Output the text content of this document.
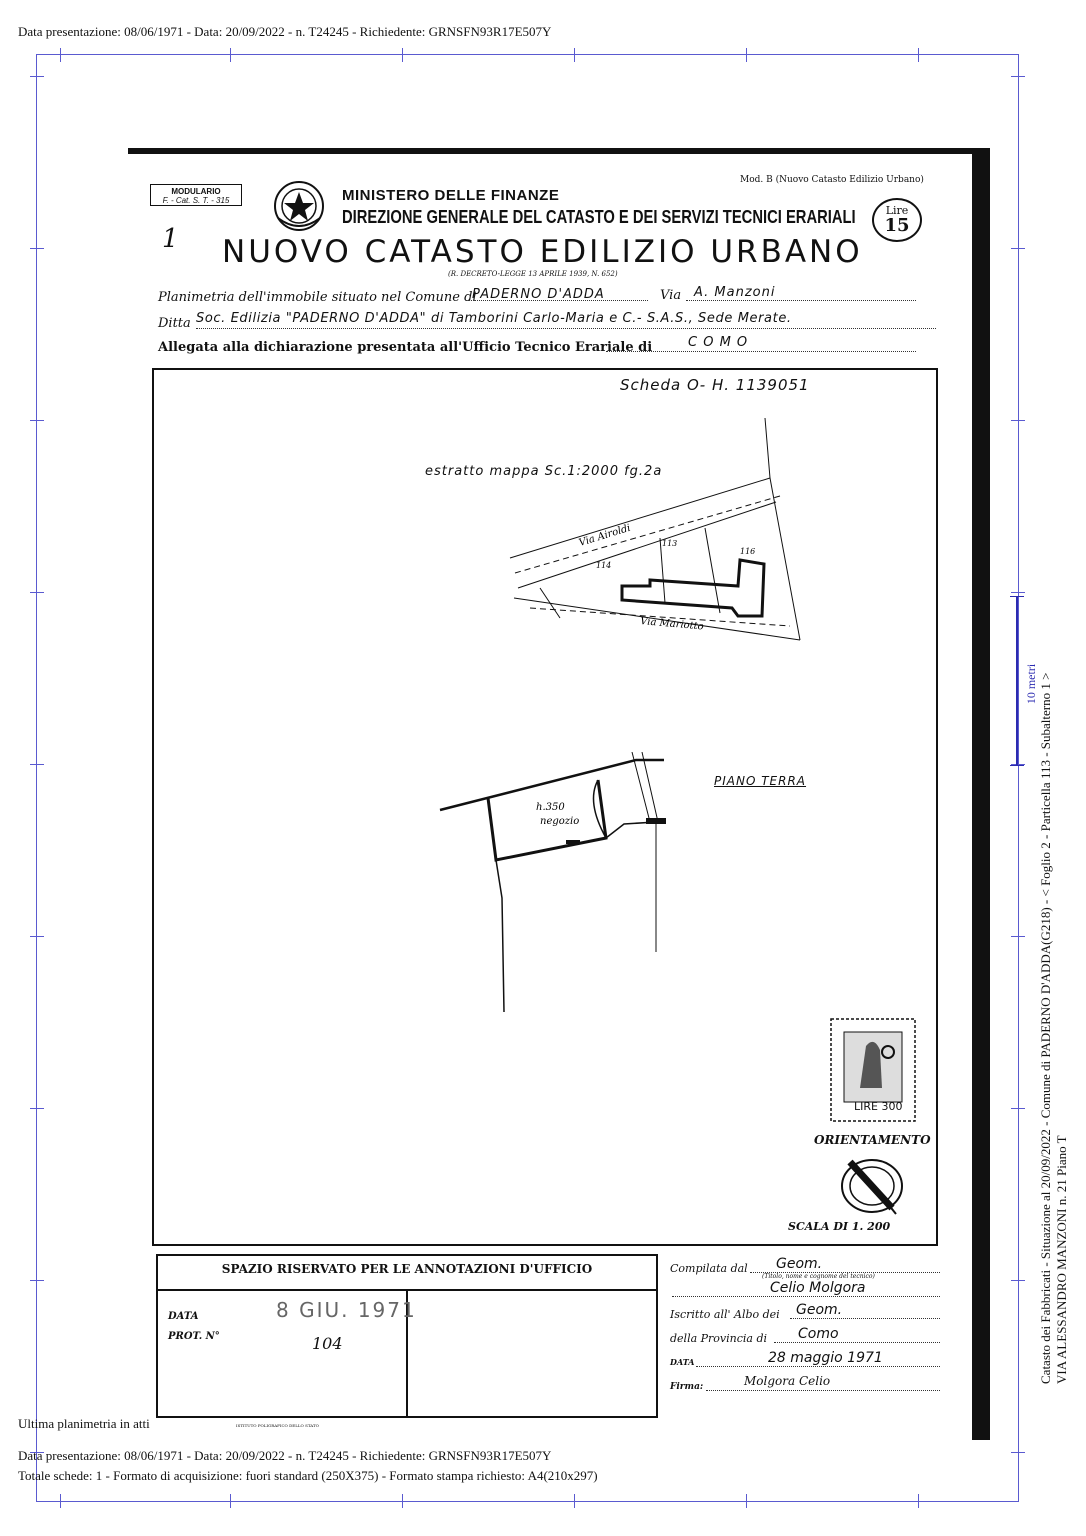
Data presentazione: 08/06/1971 - Data: 20/09/2022 - n. T24245 - Richiedente: GRNSFN93R17E507Y
MODULARIO
F. - Cat. S. T. - 315	MINISTERO DELLE FINANZE
DIREZIONE GENERALE DEL CATASTO E DEI SERVIZI TECNICI ERARIALI
Mod. B (Nuovo Catasto Edilizio Urbano)
Lire
15
1 NUOVO CATASTO EDILIZIO URBANO
(R. DECRETO-LEGGE 13 APRILE 1939, N. 652)
Planimetria dell'immobile situato nel Comune di
PADERNO D'ADDA	Via A. Manzoni
Ditta Soc. Edilizia "PADERNO D'ADDA" di Tamborini Carlo-Maria e C.- S.A.S., Sede Merate.
Allegata alla dichiarazione presentata all'Ufficio Tecnico Erariale di	C O M O
Scheda O- H. 1139051
estratto mappa Sc.1:2000 fg.2a
Via Airoldi
Via Mariotto
113
114
116
PIANO TERRA
h.350
negozio
LIRE 300
ORIENTAMENTO
SCALA DI 1. 200
SPAZIO RISERVATO PER LE ANNOTAZIONI D'UFFICIO
DATA	8 GIU. 1971
PROT. N°	104
Compilata dal Geom.
(Titolo, nome e cognome del tecnico)
Celio Molgora
Iscritto all' Albo dei Geom.
della Provincia di Como
DATA	28 maggio 1971
Firma:	Molgora Celio
ISTITUTO POLIGRAFICO DELLO STATO
Ultima planimetria in atti
Data presentazione: 08/06/1971 - Data: 20/09/2022 - n. T24245 - Richiedente: GRNSFN93R17E507Y
Totale schede: 1 - Formato di acquisizione: fuori standard (250X375) - Formato stampa richiesto: A4(210x297)
Catasto dei Fabbricati - Situazione al 20/09/2022 - Comune di PADERNO D'ADDA(G218) - < Foglio 2 - Particella 113 - Subalterno 1 > VIA ALESSANDRO MANZONI n. 21 Piano T
10 metri
